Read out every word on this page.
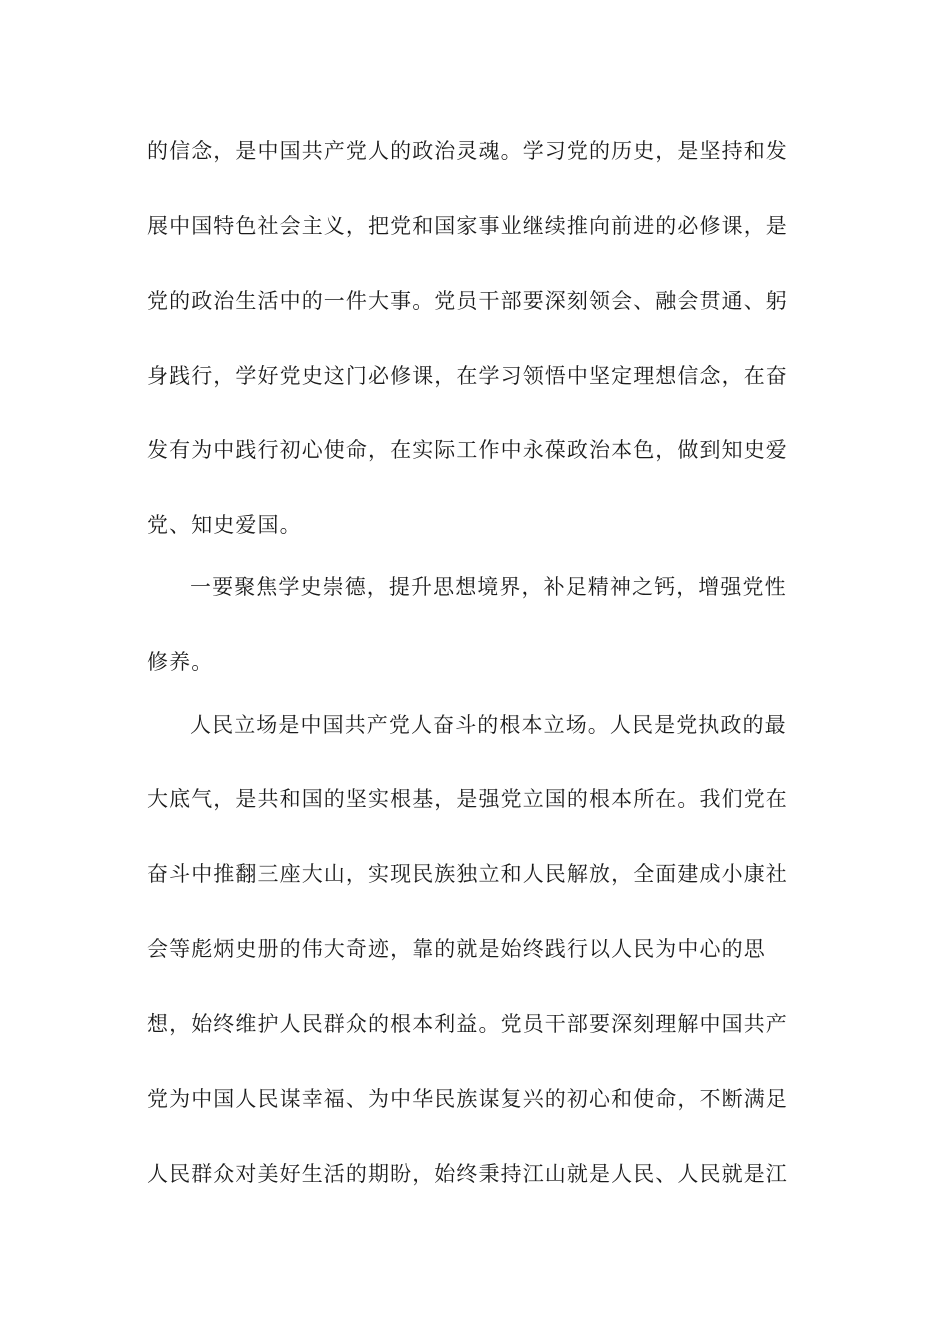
的信念，是中国共产党人的政治灵魂。学习党的历史，是坚持和发
展中国特色社会主义，把党和国家事业继续推向前进的必修课，是
党的政治生活中的一件大事。党员干部要深刻领会、融会贯通、躬
身践行，学好党史这门必修课，在学习领悟中坚定理想信念，在奋
发有为中践行初心使命，在实际工作中永葆政治本色，做到知史爱
党、知史爱国。
一要聚焦学史崇德，提升思想境界，补足精神之钙，增强党性
修养。
人民立场是中国共产党人奋斗的根本立场。人民是党执政的最
大底气，是共和国的坚实根基，是强党立国的根本所在。我们党在
奋斗中推翻三座大山，实现民族独立和人民解放，全面建成小康社
会等彪炳史册的伟大奇迹，靠的就是始终践行以人民为中心的思
想，始终维护人民群众的根本利益。党员干部要深刻理解中国共产
党为中国人民谋幸福、为中华民族谋复兴的初心和使命，不断满足
人民群众对美好生活的期盼，始终秉持江山就是人民、人民就是江
